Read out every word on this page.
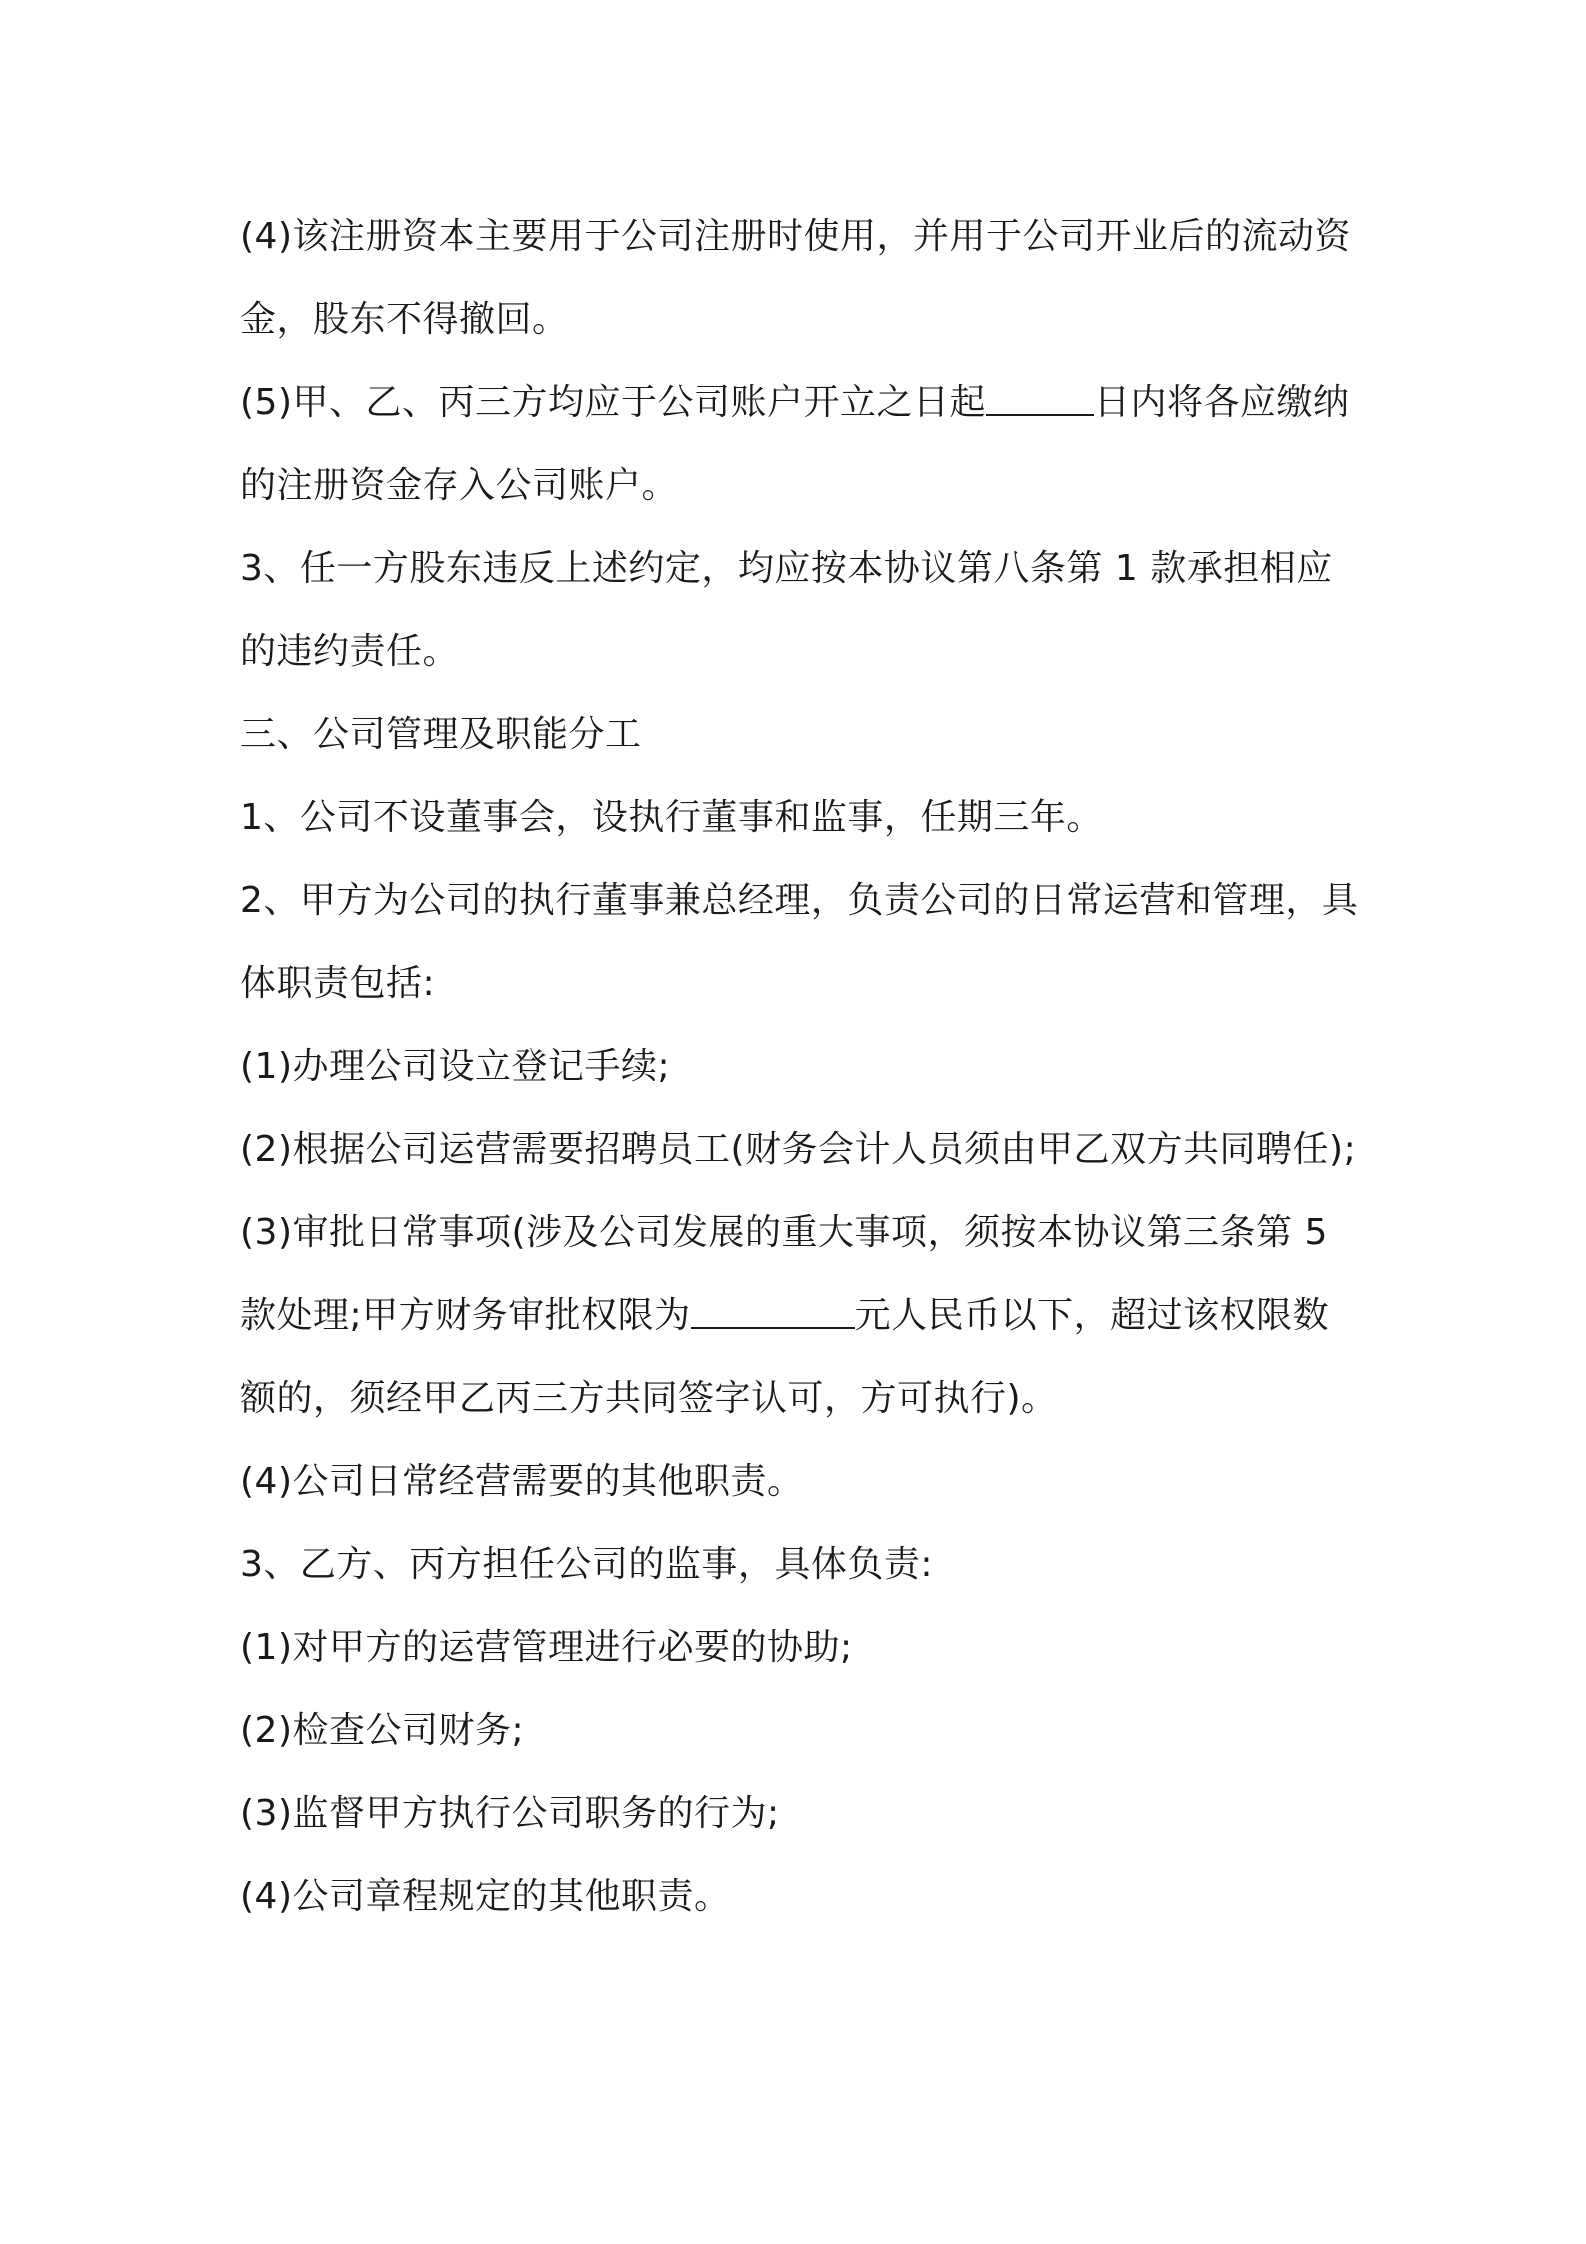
(4)该注册资本主要用于公司注册时使用，并用于公司开业后的流动资金，股东不得撤回。

(5)甲、乙、丙三方均应于公司账户开立之日起	日内将各应缴纳的注册资金存入公司账户。

3、任一方股东违反上述约定，均应按本协议第八条第 1 款承担相应的违约责任。

三、公司管理及职能分工

1、公司不设董事会，设执行董事和监事，任期三年。

2、甲方为公司的执行董事兼总经理，负责公司的日常运营和管理，具体职责包括:

(1)办理公司设立登记手续;

(2)根据公司运营需要招聘员工(财务会计人员须由甲乙双方共同聘任);

(3)审批日常事项(涉及公司发展的重大事项，须按本协议第三条第 5 款处理;甲方财务审批权限为	元人民币以下，超过该权限数额的，须经甲乙丙三方共同签字认可，方可执行)。

(4)公司日常经营需要的其他职责。

3、乙方、丙方担任公司的监事，具体负责:

(1)对甲方的运营管理进行必要的协助;

(2)检查公司财务;

(3)监督甲方执行公司职务的行为;

(4)公司章程规定的其他职责。
